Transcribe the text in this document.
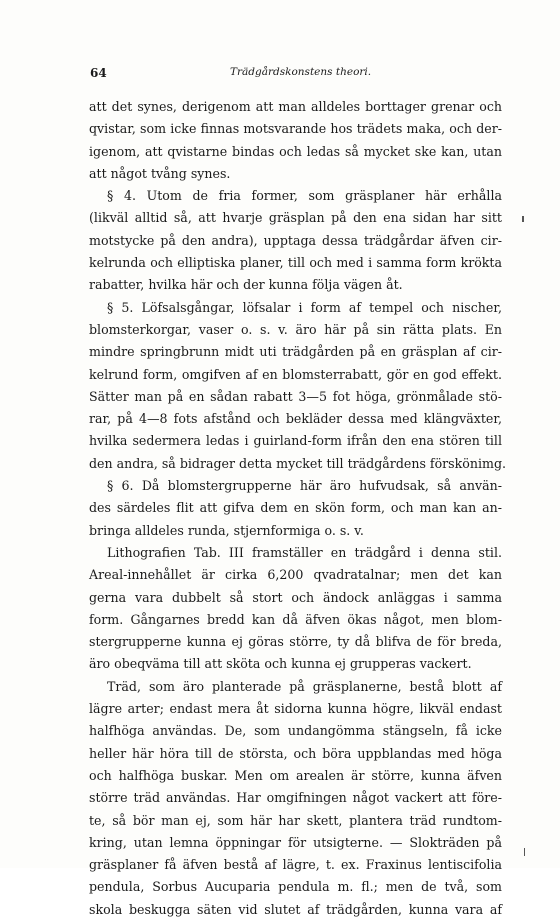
64	Trädgårdskonstens theori.
att det synes, derigenom att man alldeles borttager grenar och
qvistar, som icke finnas motsvarande hos trädets maka, och der-
igenom, att qvistarne bindas och ledas så mycket ske kan, utan
att något tvång synes.
§ 4. Utom de fria former, som gräsplaner här erhålla
(likväl alltid så, att hvarje gräsplan på den ena sidan har sitt
motstycke på den andra), upptaga dessa trädgårdar äfven cir-
kelrunda och elliptiska planer, till och med i samma form krökta
rabatter, hvilka här och der kunna följa vägen åt.
§ 5. Löfsalsgångar, löfsalar i form af tempel och nischer,
blomsterkorgar, vaser o. s. v. äro här på sin rätta plats. En
mindre springbrunn midt uti trädgården på en gräsplan af cir-
kelrund form, omgifven af en blomsterrabatt, gör en god effekt.
Sätter man på en sådan rabatt 3—5 fot höga, grönmålade stö-
rar, på 4—8 fots afstånd och bekläder dessa med klängväxter,
hvilka sedermera ledas i guirland-form ifrån den ena stören till
den andra, så bidrager detta mycket till trädgårdens förskönimg.
§ 6. Då blomstergrupperne här äro hufvudsak, så använ-
des särdeles flit att gifva dem en skön form, och man kan an-
bringa alldeles runda, stjernformiga o. s. v.
Lithografien Tab. III framställer en trädgård i denna stil.
Areal-innehållet är cirka 6,200 qvadratalnar; men det kan
gerna vara dubbelt så stort och ändock anläggas i samma
form. Gångarnes bredd kan då äfven ökas något, men blom-
stergrupperne kunna ej göras större, ty då blifva de för breda,
äro obeqväma till att sköta och kunna ej grupperas vackert.
Träd, som äro planterade på gräsplanerne, bestå blott af
lägre arter; endast mera åt sidorna kunna högre, likväl endast
halfhöga användas. De, som undangömma stängseln, få icke
heller här höra till de största, och böra uppblandas med höga
och halfhöga buskar. Men om arealen är större, kunna äfven
större träd användas. Har omgifningen något vackert att före-
te, så bör man ej, som här har skett, plantera träd rundtom-
kring, utan lemna öppningar för utsigterne. — Slokträden på
gräsplaner få äfven bestå af lägre, t. ex. Fraxinus lentiscifolia
pendula, Sorbus Aucuparia pendula m. fl.; men de två, som
skola beskugga säten vid slutet af trädgården, kunna vara af
